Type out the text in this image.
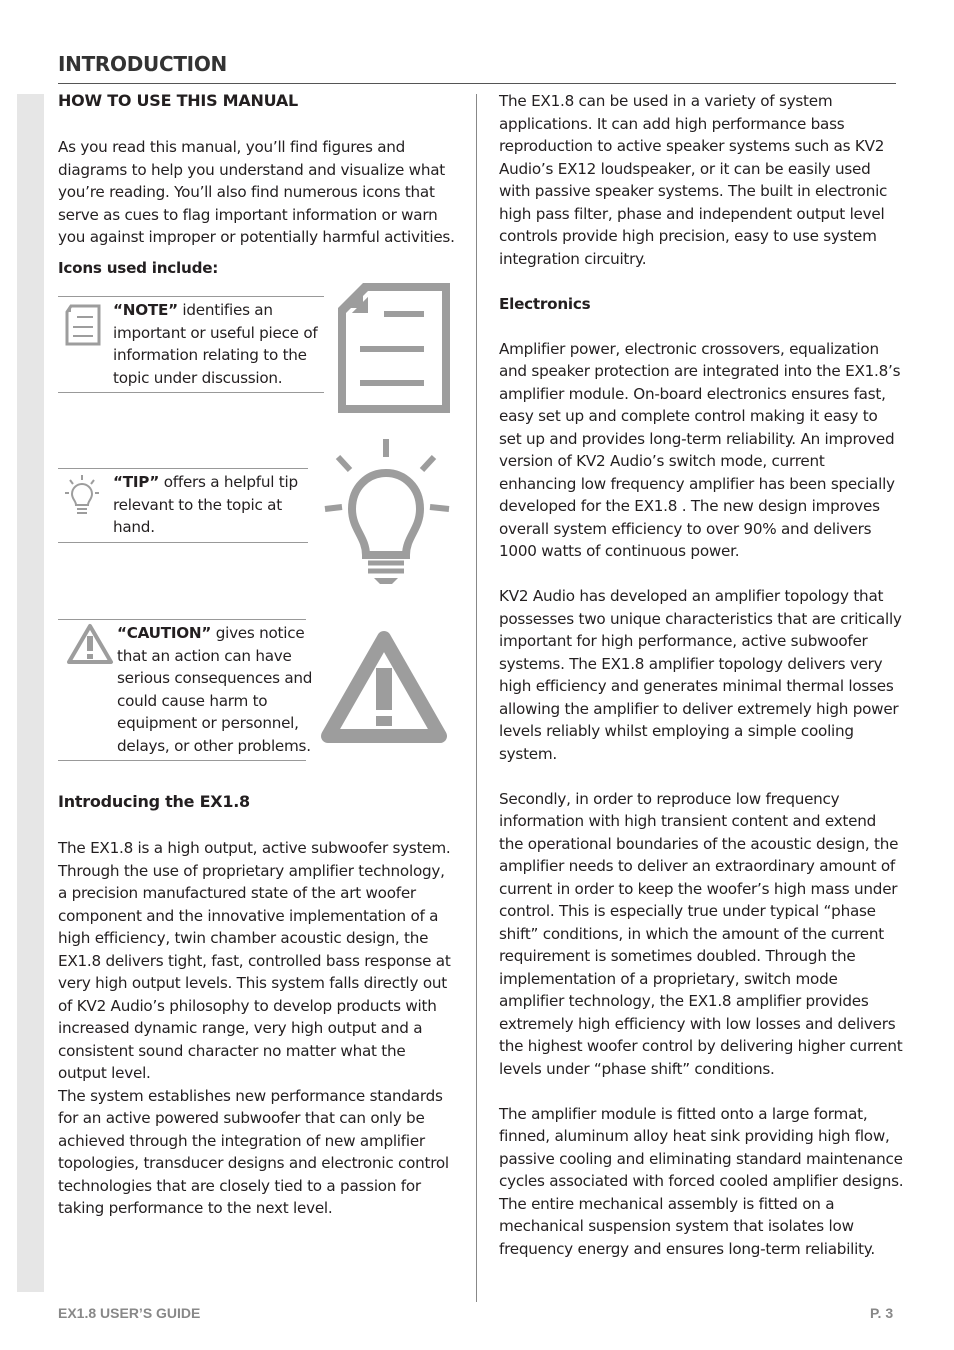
INTRODUCTION
HOW TO USE THIS MANUAL

As you read this manual, you’ll find figures and diagrams to help you understand and visualize what you’re reading. You’ll also find numerous icons that serve as cues to flag important information or warn you against improper or potentially harmful activities.

Icons used include:

“NOTE” identifies an important or useful piece of information relating to the topic under discussion.
“TIP” offers a helpful tip relevant to the topic at hand.
“CAUTION” gives notice that an action can have serious consequences and could cause harm to equipment or personnel, delays, or other problems.
Introducing the EX1.8

The EX1.8 is a high output, active subwoofer system. Through the use of proprietary amplifier technology, a precision manufactured state of the art woofer component and the innovative implementation of a high efficiency, twin chamber acoustic design, the EX1.8 delivers tight, fast, controlled bass response at very high output levels. This system falls directly out of KV2 Audio’s philosophy to develop products with increased dynamic range, very high output and a consistent sound character no matter what the output level.

The system establishes new performance standards for an active powered subwoofer that can only be achieved through the integration of new amplifier topologies, transducer designs and electronic control technologies that are closely tied to a passion for taking performance to the next level.

The EX1.8 can be used in a variety of system applications. It can add high performance bass reproduction to active speaker systems such as KV2 Audio’s EX12 loudspeaker, or it can be easily used with passive speaker systems. The built in electronic high pass filter, phase and independent output level controls provide high precision, easy to use system integration circuitry.

Electronics

Amplifier power, electronic crossovers, equalization and speaker protection are integrated into the EX1.8’s amplifier module. On-board electronics ensures fast, easy set up and complete control making it easy to set up and provides long-term reliability. An improved version of KV2 Audio’s switch mode, current enhancing low frequency amplifier has been specially developed for the EX1.8 . The new design improves overall system efficiency to over 90% and delivers 1000 watts of continuous power.

KV2 Audio has developed an amplifier topology that possesses two unique characteristics that are critically important for high performance, active subwoofer systems. The EX1.8 amplifier topology delivers very high efficiency and generates minimal thermal losses allowing the amplifier to deliver extremely high power levels reliably whilst employing a simple cooling system.

Secondly, in order to reproduce low frequency information with high transient content and extend the operational boundaries of the acoustic design, the amplifier needs to deliver an extraordinary amount of current in order to keep the woofer’s high mass under control. This is especially true under typical “phase shift” conditions, in which the amount of the current requirement is sometimes doubled. Through the implementation of a proprietary, switch mode amplifier technology, the EX1.8 amplifier provides extremely high efficiency with low losses and delivers the highest woofer control by delivering higher current levels under “phase shift” conditions.

The amplifier module is fitted onto a large format, finned, aluminum alloy heat sink providing high flow, passive cooling and eliminating standard maintenance cycles associated with forced cooled amplifier designs. The entire mechanical assembly is fitted on a mechanical suspension system that isolates low frequency energy and ensures long-term reliability.

EX1.8 USER’S GUIDE	P. 3
